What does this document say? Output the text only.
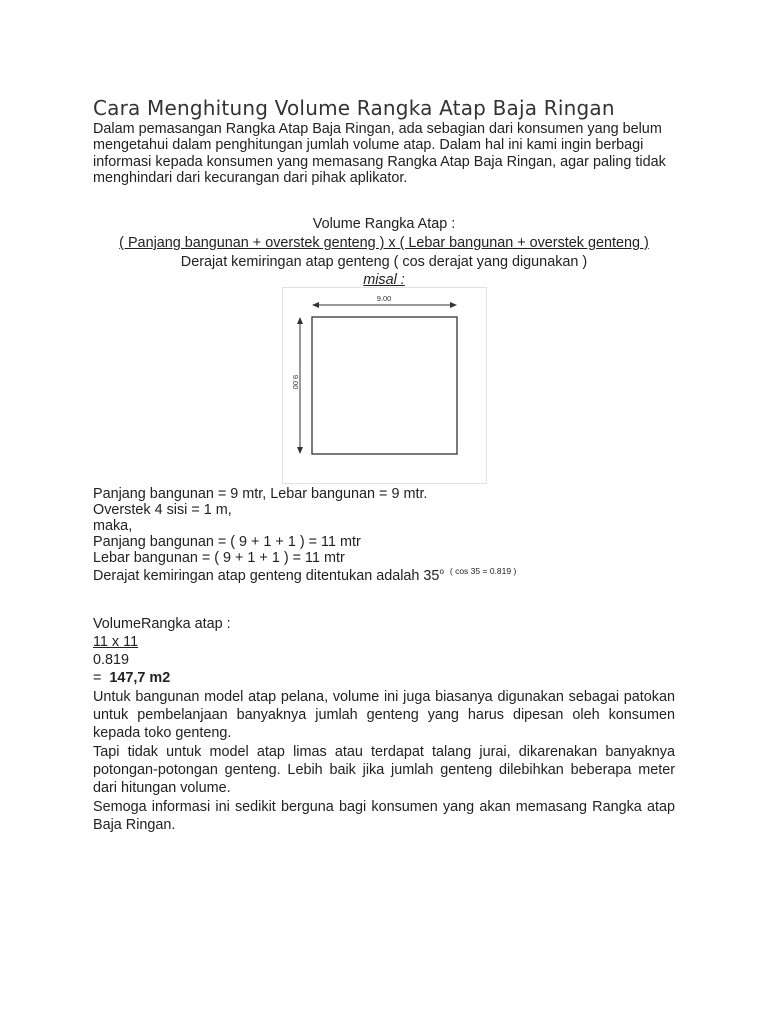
Cara Menghitung Volume Rangka Atap Baja Ringan

Dalam pemasangan Rangka Atap Baja Ringan, ada sebagian dari konsumen yang belum mengetahui dalam penghitungan jumlah volume atap. Dalam hal ini kami ingin berbagi informasi kepada konsumen yang memasang Rangka Atap Baja Ringan, agar paling tidak menghindari dari kecurangan dari pihak aplikator.

Volume Rangka Atap :
( Panjang bangunan + overstek genteng ) x ( Lebar bangunan + overstek genteng )
Derajat kemiringan atap genteng ( cos derajat yang digunakan )
misal :
9.00
9.00
Panjang bangunan = 9 mtr, Lebar bangunan = 9 mtr.
Overstek 4 sisi = 1 m,
maka,
Panjang bangunan = ( 9 + 1 + 1 ) = 11 mtr
Lebar bangunan = ( 9 + 1 + 1 ) = 11 mtr
Derajat kemiringan atap genteng ditentukan adalah 35$^o$ $^{( cos 35 = 0.819 )}$
VolumeRangka atap :
11 x 11
0.819
= 147,7 m2

Untuk bangunan model atap pelana, volume ini juga biasanya digunakan sebagai patokan untuk pembelanjaan banyaknya jumlah genteng yang harus dipesan oleh konsumen kepada toko genteng.

Tapi tidak untuk model atap limas atau terdapat talang jurai, dikarenakan banyaknya potongan-potongan genteng. Lebih baik jika jumlah genteng dilebihkan beberapa meter dari hitungan volume.

Semoga informasi ini sedikit berguna bagi konsumen yang akan memasang Rangka atap Baja Ringan.
